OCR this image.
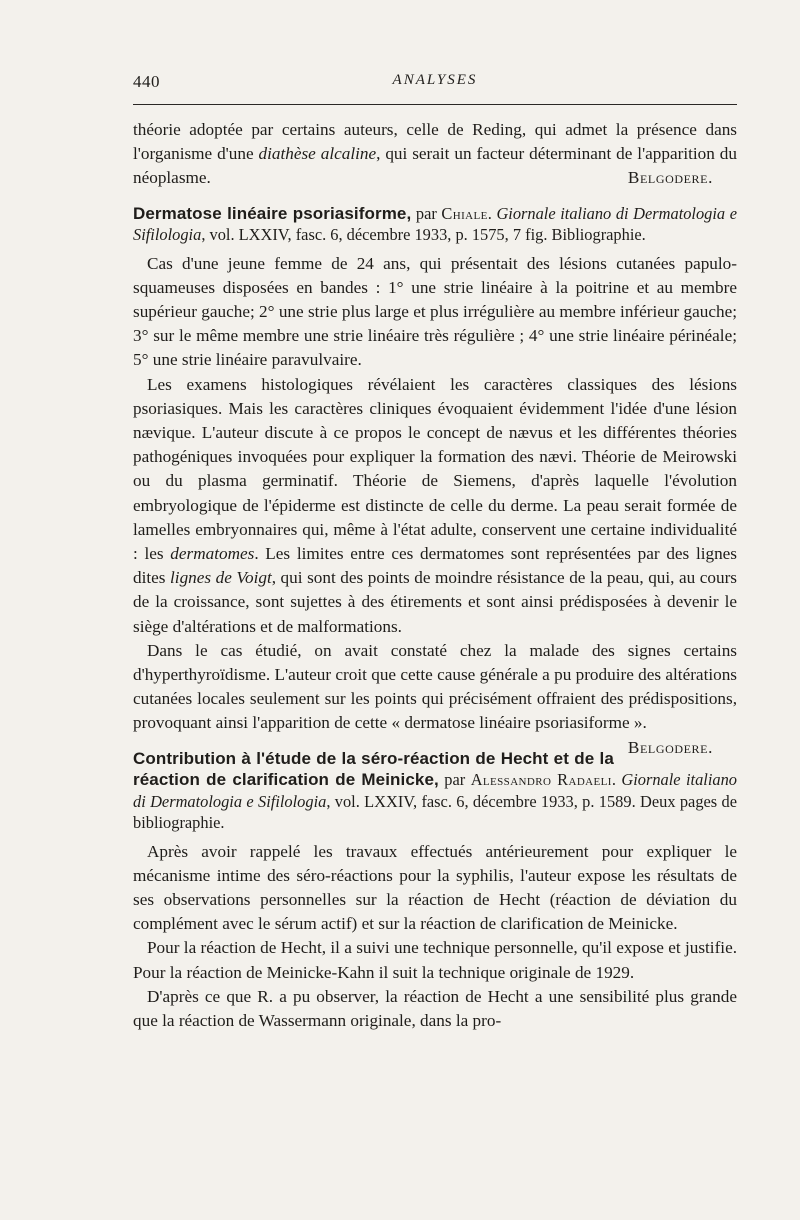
440	ANALYSES

théorie adoptée par certains auteurs, celle de Reding, qui admet la présence dans l'organisme d'une diathèse alcaline, qui serait un facteur déterminant de l'apparition du néoplasme.	Belgodere.

Dermatose linéaire psoriasiforme, par Chiale. Giornale italiano di Dermatologia e Sifilologia, vol. LXXIV, fasc. 6, décembre 1933, p. 1575, 7 fig. Bibliographie.

Cas d'une jeune femme de 24 ans, qui présentait des lésions cutanées papulo-squameuses disposées en bandes : 1° une strie linéaire à la poitrine et au membre supérieur gauche; 2° une strie plus large et plus irrégulière au membre inférieur gauche; 3° sur le même membre une strie linéaire très régulière ; 4° une strie linéaire périnéale; 5° une strie linéaire paravulvaire.

Les examens histologiques révélaient les caractères classiques des lésions psoriasiques. Mais les caractères cliniques évoquaient évidemment l'idée d'une lésion nævique. L'auteur discute à ce propos le concept de nævus et les différentes théories pathogéniques invoquées pour expliquer la formation des nævi. Théorie de Meirowski ou du plasma germinatif. Théorie de Siemens, d'après laquelle l'évolution embryologique de l'épiderme est distincte de celle du derme. La peau serait formée de lamelles embryonnaires qui, même à l'état adulte, conservent une certaine individualité : les dermatomes. Les limites entre ces dermatomes sont représentées par des lignes dites lignes de Voigt, qui sont des points de moindre résistance de la peau, qui, au cours de la croissance, sont sujettes à des étirements et sont ainsi prédisposées à devenir le siège d'altérations et de malformations.

Dans le cas étudié, on avait constaté chez la malade des signes certains d'hyperthyroïdisme. L'auteur croit que cette cause générale a pu produire des altérations cutanées locales seulement sur les points qui précisément offraient des prédispositions, provoquant ainsi l'apparition de cette « dermatose linéaire psoriasiforme ».
Belgodere.

Contribution à l'étude de la séro-réaction de Hecht et de la réaction de clarification de Meinicke, par Alessandro Radaeli. Giornale italiano di Dermatologia e Sifilologia, vol. LXXIV, fasc. 6, décembre 1933, p. 1589. Deux pages de bibliographie.

Après avoir rappelé les travaux effectués antérieurement pour expliquer le mécanisme intime des séro-réactions pour la syphilis, l'auteur expose les résultats de ses observations personnelles sur la réaction de Hecht (réaction de déviation du complément avec le sérum actif) et sur la réaction de clarification de Meinicke.

Pour la réaction de Hecht, il a suivi une technique personnelle, qu'il expose et justifie. Pour la réaction de Meinicke-Kahn il suit la technique originale de 1929.

D'après ce que R. a pu observer, la réaction de Hecht a une sensibilité plus grande que la réaction de Wassermann originale, dans la pro-
